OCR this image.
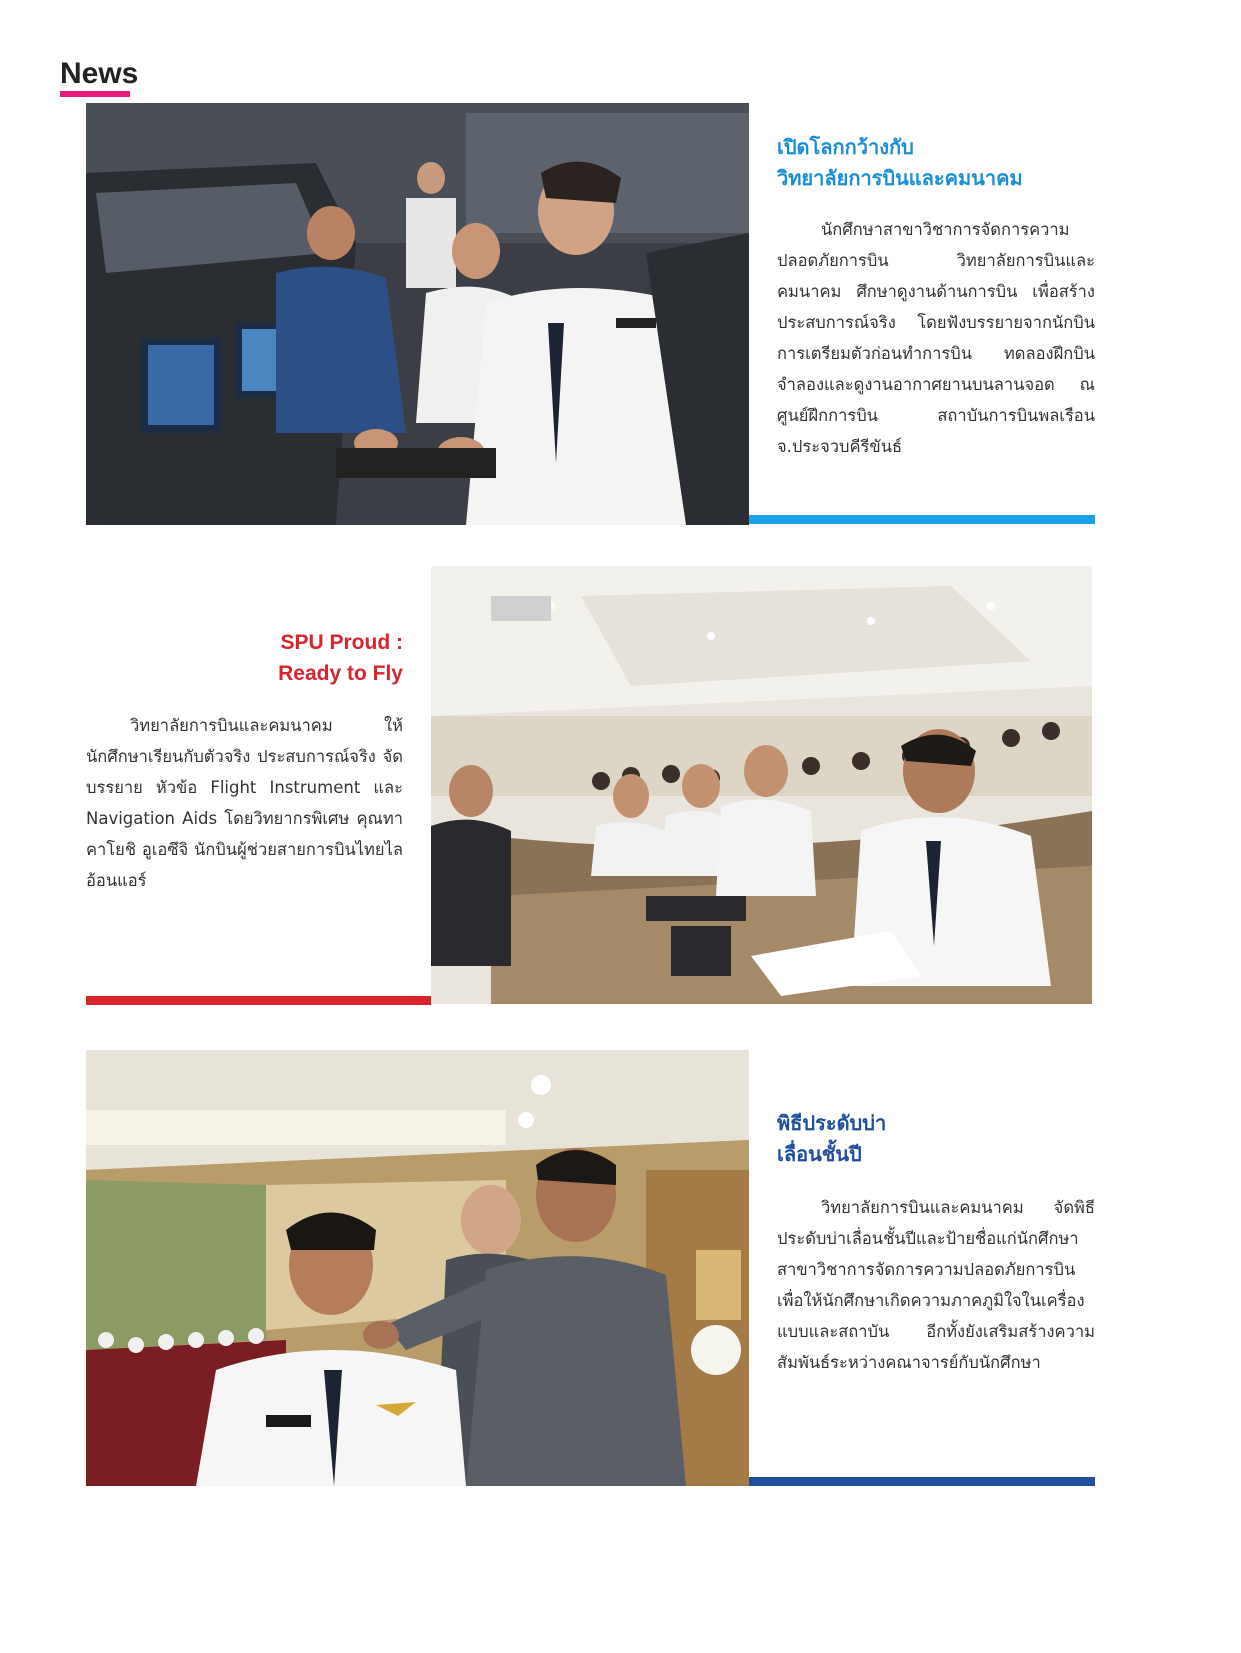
News
เปิดโลกกว้างกับ
วิทยาลัยการบินและคมนาคม

นักศึกษาสาขาวิชาการจัดการความปลอดภัยการบิน วิทยาลัยการบินและคมนาคม ศึกษาดูงานด้านการบิน เพื่อสร้างประสบการณ์จริง โดยฟังบรรยายจากนักบิน การเตรียมตัวก่อนทำการบิน ทดลองฝึกบินจำลองและดูงานอากาศยานบนลานจอด ณ ศูนย์ฝึกการบิน สถาบันการบินพลเรือน จ.ประจวบคีรีขันธ์

SPU Proud :
Ready to Fly

วิทยาลัยการบินและคมนาคม ให้นักศึกษาเรียนกับตัวจริง ประสบการณ์จริง จัดบรรยาย หัวข้อ Flight Instrument และ Navigation Aids โดยวิทยากรพิเศษ คุณทาคาโยชิ อูเอซึจิ นักบินผู้ช่วยสายการบินไทยไลอ้อนแอร์

พิธีประดับบ่า
เลื่อนชั้นปี

วิทยาลัยการบินและคมนาคม จัดพิธีประดับบ่าเลื่อนชั้นปีและป้ายชื่อแก่นักศึกษา สาขาวิชาการจัดการความปลอดภัยการบิน เพื่อให้นักศึกษาเกิดความภาคภูมิใจในเครื่องแบบและสถาบัน อีกทั้งยังเสริมสร้างความสัมพันธ์ระหว่างคณาจารย์กับนักศึกษา
